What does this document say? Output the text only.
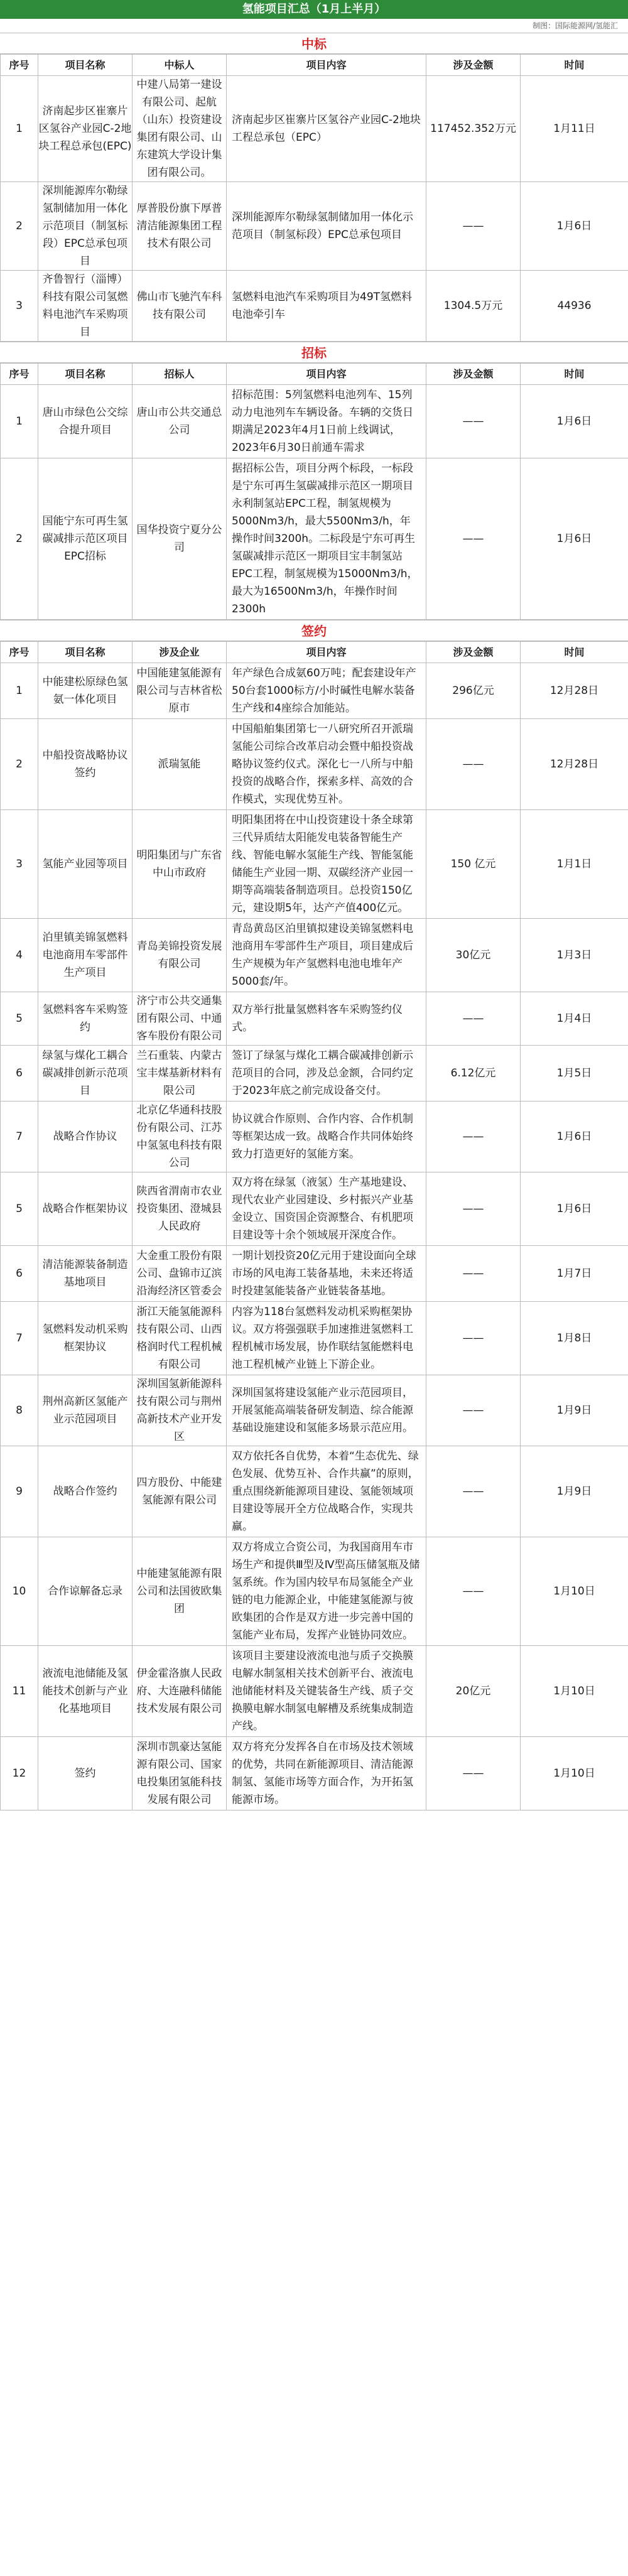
氢能项目汇总（1月上半月）
制图：国际能源网/氢能汇
中标
序号	项目名称	中标人	项目内容	涉及金额	时间
1	济南起步区崔寨片区氢谷产业园C-2地块工程总承包(EPC)	中建八局第一建设有限公司、起航（山东）投资建设集团有限公司、山东建筑大学设计集团有限公司。	济南起步区崔寨片区氢谷产业园C-2地块工程总承包（EPC）	117452.352万元	1月11日
2	深圳能源库尔勒绿氢制储加用一体化示范项目（制氢标段）EPC总承包项目	厚普股份旗下厚普清洁能源集团工程技术有限公司	深圳能源库尔勒绿氢制储加用一体化示范项目（制氢标段）EPC总承包项目	——	1月6日
3	齐鲁智行（淄博）科技有限公司氢燃料电池汽车采购项目	佛山市飞驰汽车科技有限公司	氢燃料电池汽车采购项目为49T氢燃料电池牵引车	1304.5万元	44936
招标
序号	项目名称	招标人	项目内容	涉及金额	时间
1	唐山市绿色公交综合提升项目	唐山市公共交通总公司	招标范围：5列氢燃料电池列车、15列动力电池列车车辆设备。车辆的交货日期满足2023年4月1日前上线调试，2023年6月30日前通车需求	——	1月6日
2	国能宁东可再生氢碳减排示范区项目EPC招标	国华投资宁夏分公司	据招标公告，项目分两个标段，一标段是宁东可再生氢碳减排示范区一期项目永利制氢站EPC工程，制氢规模为5000Nm3/h，最大5500Nm3/h，年操作时间3200h。二标段是宁东可再生氢碳减排示范区一期项目宝丰制氢站EPC工程，制氢规模为15000Nm3/h，最大为16500Nm3/h，年操作时间2300h	——	1月6日
签约
序号	项目名称	涉及企业	项目内容	涉及金额	时间
1	中能建松原绿色氢氨一体化项目	中国能建氢能源有限公司与吉林省松原市	年产绿色合成氨60万吨；配套建设年产50台套1000标方/小时碱性电解水装备生产线和4座综合加能站。	296亿元	12月28日
2	中船投资战略协议签约	派瑞氢能	中国船舶集团第七一八研究所召开派瑞氢能公司综合改革启动会暨中船投资战略协议签约仪式。深化七一八所与中船投资的战略合作，探索多样、高效的合作模式，实现优势互补。	——	12月28日
3	氢能产业园等项目	明阳集团与广东省中山市政府	明阳集团将在中山投资建设十条全球第三代异质结太阳能发电装备智能生产线、智能电解水氢能生产线、智能氢能储能生产业园一期、双碳经济产业园一期等高端装备制造项目。总投资150亿元，建设期5年，达产产值400亿元。	150 亿元	1月1日
4	泊里镇美锦氢燃料电池商用车零部件生产项目	青岛美锦投资发展有限公司	青岛黄岛区泊里镇拟建设美锦氢燃料电池商用车零部件生产项目，项目建成后生产规模为年产氢燃料电池电堆年产5000套/年。	30亿元	1月3日
5	氢燃料客车采购签约	济宁市公共交通集团有限公司、中通客车股份有限公司	双方举行批量氢燃料客车采购签约仪式。	——	1月4日
6	绿氢与煤化工耦合碳减排创新示范项目	兰石重装、内蒙古宝丰煤基新材料有限公司	签订了绿氢与煤化工耦合碳减排创新示范项目的合同，涉及总金额，合同约定于2023年底之前完成设备交付。	6.12亿元	1月5日
7	战略合作协议	北京亿华通科技股份有限公司、江苏中氢氢电科技有限公司	协议就合作原则、合作内容、合作机制等框架达成一致。战略合作共同体始终致力打造更好的氢能方案。	——	1月6日
5	战略合作框架协议	陕西省渭南市农业投资集团、澄城县人民政府	双方将在绿氢（液氢）生产基地建设、现代农业产业园建设、乡村振兴产业基金设立、国资国企资源整合、有机肥项目建设等十余个领域展开深度合作。	——	1月6日
6	清洁能源装备制造基地项目	大金重工股份有限公司、盘锦市辽滨沿海经济区管委会	一期计划投资20亿元用于建设面向全球市场的风电海工装备基地，未来还将适时投建氢能装备产业链装备基地。	——	1月7日
7	氢燃料发动机采购框架协议	浙江天能氢能源科技有限公司、山西格润时代工程机械有限公司	内容为118台氢燃料发动机采购框架协议。双方将强强联手加速推进氢燃料工程机械市场发展，协作联结氢能燃料电池工程机械产业链上下游企业。	——	1月8日
8	荆州高新区氢能产业示范园项目	深圳国氢新能源科技有限公司与荆州高新技术产业开发区	深圳国氢将建设氢能产业示范园项目，开展氢能高端装备研发制造、综合能源基础设施建设和氢能多场景示范应用。	——	1月9日
9	战略合作签约	四方股份、中能建氢能源有限公司	双方依托各自优势，本着“生态优先、绿色发展、优势互补、合作共赢”的原则，重点围绕新能源项目建设、氢能领域项目建设等展开全方位战略合作，实现共赢。	——	1月9日
10	合作谅解备忘录	中能建氢能源有限公司和法国彼欧集团	双方将成立合资公司，为我国商用车市场生产和提供Ⅲ型及Ⅳ型高压储氢瓶及储氢系统。作为国内较早布局氢能全产业链的电力能源企业，中能建氢能源与彼欧集团的合作是双方进一步完善中国的氢能产业布局，发挥产业链协同效应。	——	1月10日
11	液流电池储能及氢能技术创新与产业化基地项目	伊金霍洛旗人民政府、大连融科储能技术发展有限公司	该项目主要建设液流电池与质子交换膜电解水制氢相关技术创新平台、液流电池储能材料及关键装备生产线、质子交换膜电解水制氢电解槽及系统集成制造产线。	20亿元	1月10日
12	签约	深圳市凯豪达氢能源有限公司、国家电投集团氢能科技发展有限公司	双方将充分发挥各自在市场及技术领域的优势，共同在新能源项目、清洁能源制氢、氢能市场等方面合作，为开拓氢能源市场。	——	1月10日
